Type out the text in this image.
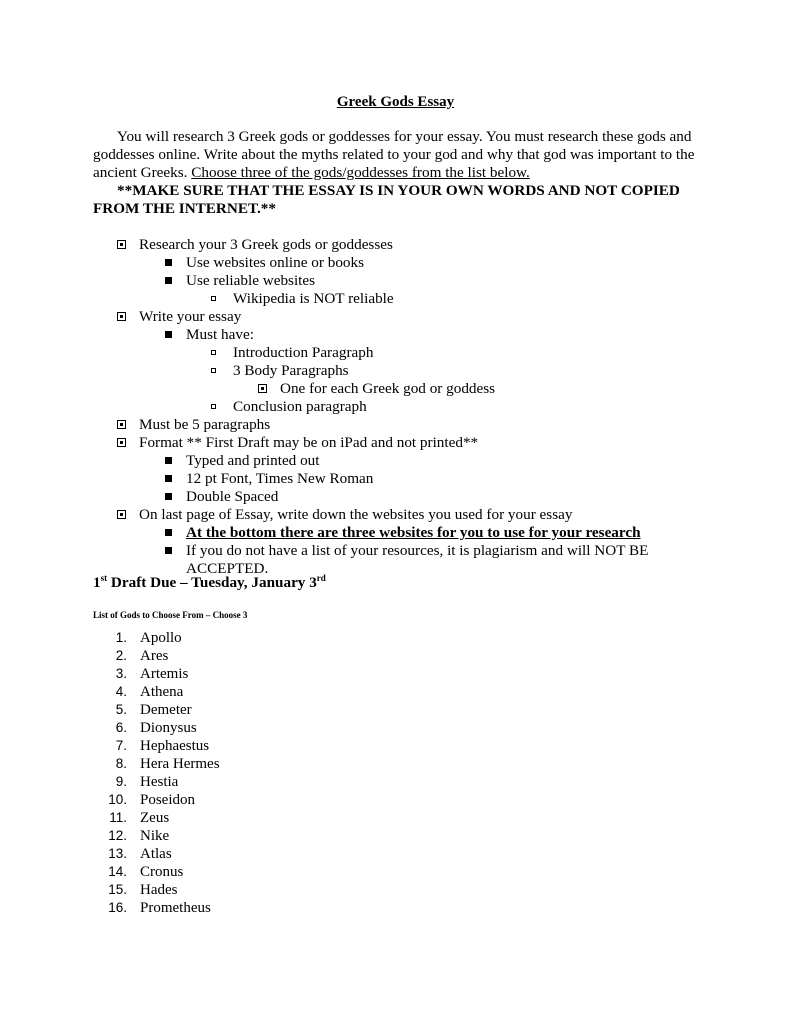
Greek Gods Essay

You will research 3 Greek gods or goddesses for your essay. You must research these gods and goddesses online. Write about the myths related to your god and why that god was important to the ancient Greeks. Choose three of the gods/goddesses from the list below.

**MAKE SURE THAT THE ESSAY IS IN YOUR OWN WORDS AND NOT COPIED FROM THE INTERNET.**
Research your 3 Greek gods or goddesses
Use websites online or books
Use reliable websites
Wikipedia is NOT reliable
Write your essay
Must have:
Introduction Paragraph
3 Body Paragraphs
One for each Greek god or goddess
Conclusion paragraph
Must be 5 paragraphs
Format ** First Draft may be on iPad and not printed**
Typed and printed out
12 pt Font, Times New Roman
Double Spaced
On last page of Essay, write down the websites you used for your essay
At the bottom there are three websites for you to use for your research
If you do not have a list of your resources, it is plagiarism and will NOT BE
ACCEPTED.
1st Draft Due – Tuesday, January 3rd
List of Gods to Choose From – Choose 3
1. Apollo
2. Ares
3. Artemis
4. Athena
5. Demeter
6. Dionysus
7. Hephaestus
8. Hera Hermes
9. Hestia
10. Poseidon
11. Zeus
12. Nike
13. Atlas
14. Cronus
15. Hades
16. Prometheus
